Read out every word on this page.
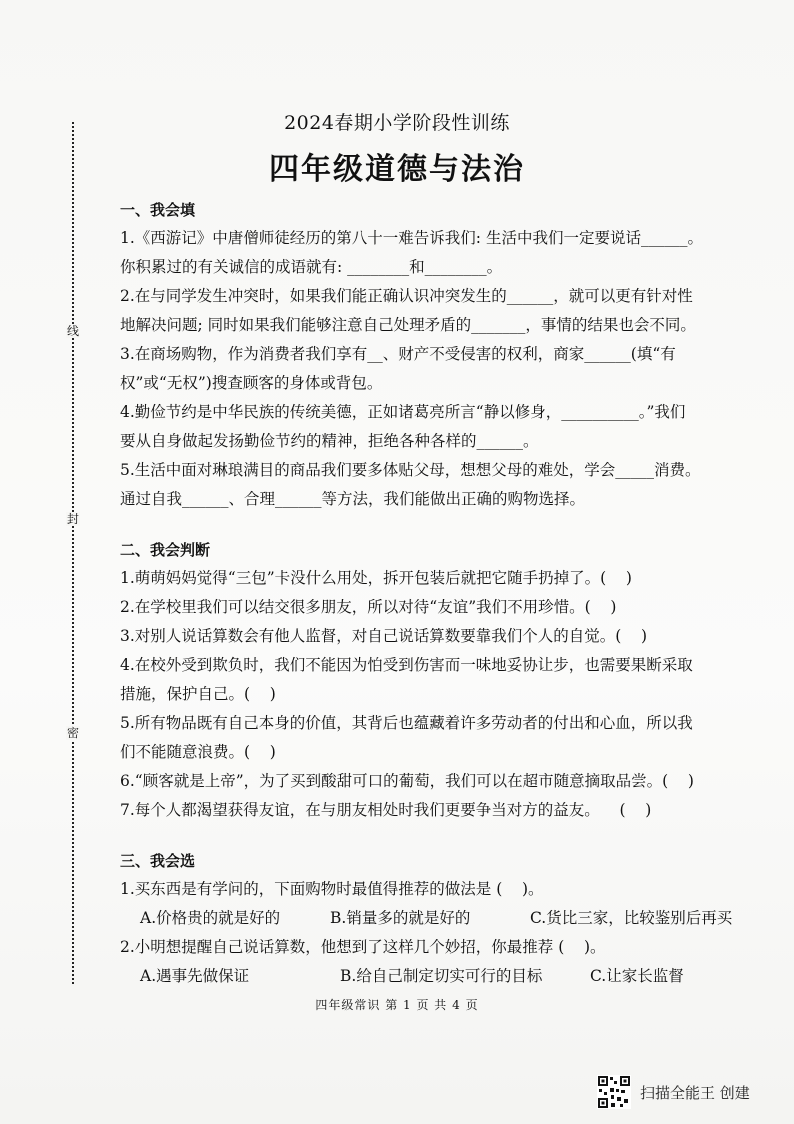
线
封
密
2024春期小学阶段性训练
四年级道德与法治
一、我会填
1.《西游记》中唐僧师徒经历的第八十一难告诉我们: 生活中我们一定要说话______。
你积累过的有关诚信的成语就有: ________和________。
2.在与同学发生冲突时，如果我们能正确认识冲突发生的______，就可以更有针对性
地解决问题; 同时如果我们能够注意自己处理矛盾的_______，事情的结果也会不同。
3.在商场购物，作为消费者我们享有__、财产不受侵害的权利，商家______(填“有
权”或“无权”)搜查顾客的身体或背包。
4.勤俭节约是中华民族的传统美德，正如诸葛亮所言“静以修身，__________。”我们
要从自身做起发扬勤俭节约的精神，拒绝各种各样的______。
5.生活中面对琳琅满目的商品我们要多体贴父母，想想父母的难处，学会_____消费。
通过自我______、合理______等方法，我们能做出正确的购物选择。
二、我会判断
1.萌萌妈妈觉得“三包”卡没什么用处，拆开包装后就把它随手扔掉了。(    )
2.在学校里我们可以结交很多朋友，所以对待“友谊”我们不用珍惜。(    )
3.对别人说话算数会有他人监督，对自己说话算数要靠我们个人的自觉。(    )
4.在校外受到欺负时，我们不能因为怕受到伤害而一味地妥协让步，也需要果断采取
措施，保护自己。(    )
5.所有物品既有自己本身的价值，其背后也蕴藏着许多劳动者的付出和心血，所以我
们不能随意浪费。(    )
6.“顾客就是上帝”，为了买到酸甜可口的葡萄，我们可以在超市随意摘取品尝。(    )
7.每个人都渴望获得友谊，在与朋友相处时我们更要争当对方的益友。    (    )
三、我会选
1.买东西是有学问的，下面购物时最值得推荐的做法是 (    )。
A.价格贵的就是好的	B.销量多的就是好的	C.货比三家，比较鉴别后再买
2.小明想提醒自己说话算数，他想到了这样几个妙招，你最推荐 (    )。
A.遇事先做保证	B.给自己制定切实可行的目标	C.让家长监督
四年级常识 第 1 页 共 4 页
扫描全能王 创建
